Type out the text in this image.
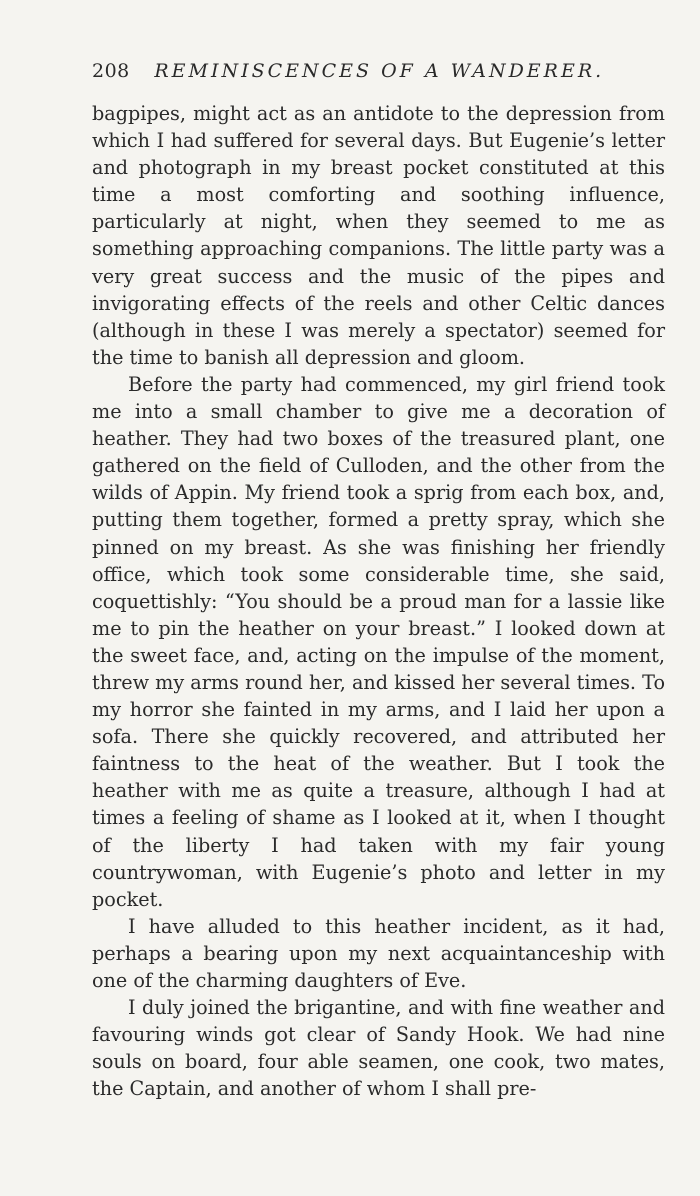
208 REMINISCENCES OF A WANDERER.

bagpipes, might act as an antidote to the depression from which I had suffered for several days. But Eugenie’s letter and photograph in my breast pocket constituted at this time a most comforting and soothing influence, particularly at night, when they seemed to me as something approaching companions. The little party was a very great success and the music of the pipes and invigorating effects of the reels and other Celtic dances (although in these I was merely a spectator) seemed for the time to banish all depression and gloom.

Before the party had commenced, my girl friend took me into a small chamber to give me a decoration of heather. They had two boxes of the treasured plant, one gathered on the field of Culloden, and the other from the wilds of Appin. My friend took a sprig from each box, and, putting them together, formed a pretty spray, which she pinned on my breast. As she was finishing her friendly office, which took some considerable time, she said, coquettishly: “You should be a proud man for a lassie like me to pin the heather on your breast.” I looked down at the sweet face, and, acting on the impulse of the moment, threw my arms round her, and kissed her several times. To my horror she fainted in my arms, and I laid her upon a sofa. There she quickly recovered, and attributed her faintness to the heat of the weather. But I took the heather with me as quite a treasure, although I had at times a feeling of shame as I looked at it, when I thought of the liberty I had taken with my fair young countrywoman, with Eugenie’s photo and letter in my pocket.

I have alluded to this heather incident, as it had, perhaps a bearing upon my next acquaintanceship with one of the charming daughters of Eve.

I duly joined the brigantine, and with fine weather and favouring winds got clear of Sandy Hook. We had nine souls on board, four able seamen, one cook, two mates, the Captain, and another of whom I shall pre-
